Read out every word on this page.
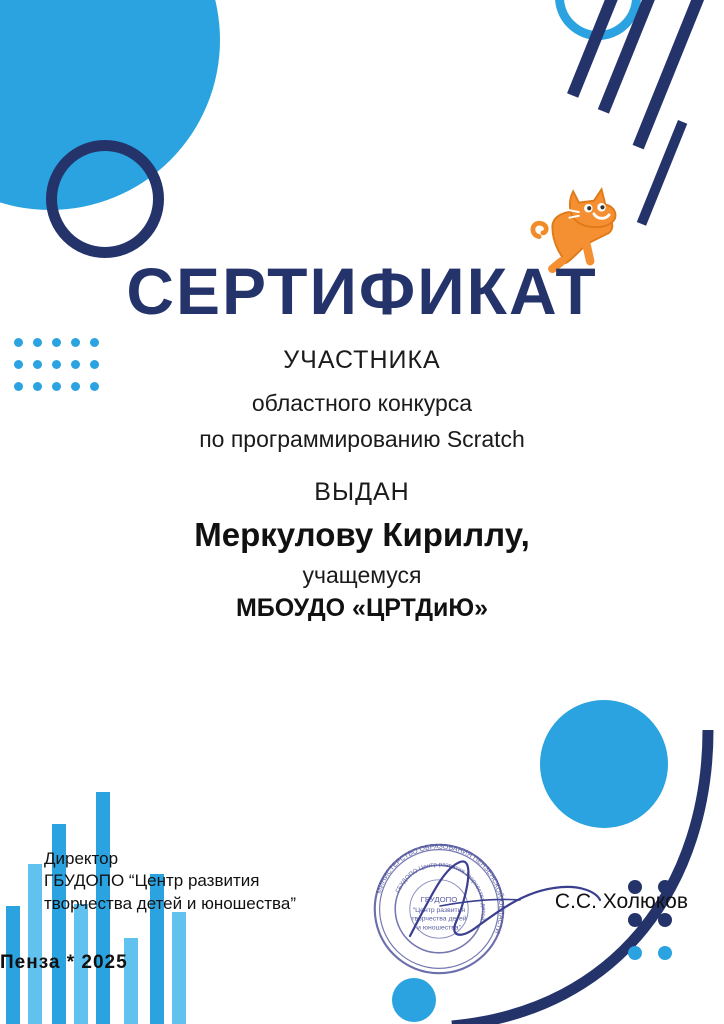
СЕРТИФИКАТ
УЧАСТНИКА
областного конкурса
по программированию Scratch
ВЫДАН
Меркулову Кириллу,
учащемуся
МБОУДО «ЦРТДиЮ»
Директор
ГБУДОПО “Центр развития
творчества детей и юношества”	С.С. Холюков
Пенза * 2025
МИНИСТЕРСТВО ОБРАЗОВАНИЯ ПЕНЗЕНСКОЙ ОБЛАСТИ
ГБУДОПО Центр развития творчества детей
ГБУДОПО
“Центр развития
творчества детей
и юношества”
